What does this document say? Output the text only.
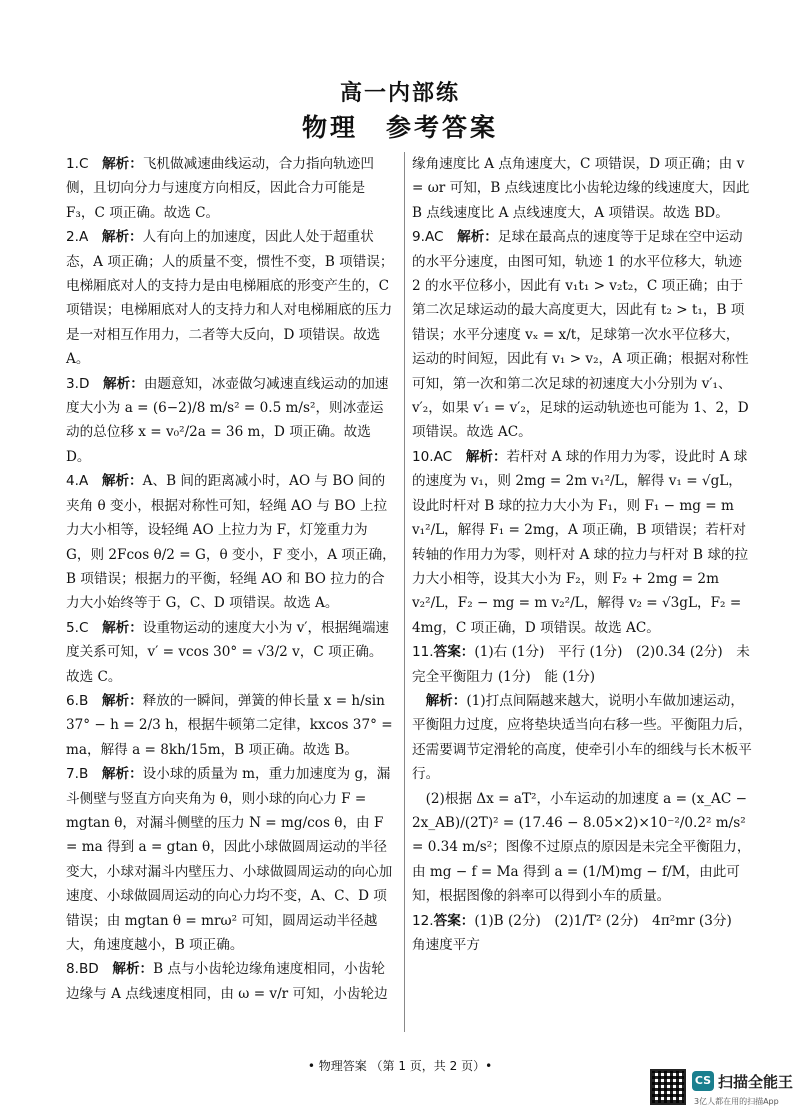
高一内部练
物理 参考答案

1.C　 解析：飞机做减速曲线运动，合力指向轨迹凹侧，且切向分力与速度方向相反，因此合力可能是 F₃，C 项正确。故选 C。

2.A　 解析：人有向上的加速度，因此人处于超重状态，A 项正确；人的质量不变，惯性不变，B 项错误；电梯厢底对人的支持力是由电梯厢底的形变产生的，C 项错误；电梯厢底对人的支持力和人对电梯厢底的压力是一对相互作用力，二者等大反向，D 项错误。故选 A。

3.D　 解析：由题意知，冰壶做匀减速直线运动的加速度大小为 a = (6−2)/8 m/s² = 0.5 m/s²，则冰壶运动的总位移 x = v₀²/2a = 36 m，D 项正确。故选 D。

4.A　 解析：A、B 间的距离减小时，AO 与 BO 间的夹角 θ 变小，根据对称性可知，轻绳 AO 与 BO 上拉力大小相等，设轻绳 AO 上拉力为 F，灯笼重力为 G，则 2Fcos θ/2 = G，θ 变小，F 变小，A 项正确，B 项错误；根据力的平衡，轻绳 AO 和 BO 拉力的合力大小始终等于 G，C、D 项错误。故选 A。

5.C　 解析：设重物运动的速度大小为 v′，根据绳端速度关系可知，v′ = vcos 30° = √3/2 v，C 项正确。故选 C。

6.B　 解析：释放的一瞬间，弹簧的伸长量 x = h/sin 37° − h = 2/3 h，根据牛顿第二定律，kxcos 37° = ma，解得 a = 8kh/15m，B 项正确。故选 B。

7.B　 解析：设小球的质量为 m，重力加速度为 g，漏斗侧壁与竖直方向夹角为 θ，则小球的向心力 F = mgtan θ，对漏斗侧壁的压力 N = mg/cos θ，由 F = ma 得到 a = gtan θ，因此小球做圆周运动的半径变大，小球对漏斗内壁压力、小球做圆周运动的向心加速度、小球做圆周运动的向心力均不变，A、C、D 项错误；由 mgtan θ = mrω² 可知，圆周运动半径越大，角速度越小，B 项正确。

8.BD　 解析：B 点与小齿轮边缘角速度相同，小齿轮边缘与 A 点线速度相同，由 ω = v/r 可知，小齿轮边

缘角速度比 A 点角速度大，C 项错误，D 项正确；由 v = ωr 可知，B 点线速度比小齿轮边缘的线速度大，因此 B 点线速度比 A 点线速度大，A 项错误。故选 BD。

9.AC　 解析：足球在最高点的速度等于足球在空中运动的水平分速度，由图可知，轨迹 1 的水平位移大，轨迹 2 的水平位移小，因此有 v₁t₁ > v₂t₂，C 项正确；由于第二次足球运动的最大高度更大，因此有 t₂ > t₁，B 项错误；水平分速度 vₓ = x/t，足球第一次水平位移大，运动的时间短，因此有 v₁ > v₂，A 项正确；根据对称性可知，第一次和第二次足球的初速度大小分别为 v′₁、v′₂，如果 v′₁ = v′₂，足球的运动轨迹也可能为 1、2，D 项错误。故选 AC。

10.AC　 解析：若杆对 A 球的作用力为零，设此时 A 球的速度为 v₁，则 2mg = 2m v₁²/L，解得 v₁ = √gL，设此时杆对 B 球的拉力大小为 F₁，则 F₁ − mg = m v₁²/L，解得 F₁ = 2mg，A 项正确，B 项错误；若杆对转轴的作用力为零，则杆对 A 球的拉力与杆对 B 球的拉力大小相等，设其大小为 F₂，则 F₂ + 2mg = 2m v₂²/L，F₂ − mg = m v₂²/L，解得 v₂ = √3gL，F₂ = 4mg，C 项正确，D 项错误。故选 AC。

11.答案：(1)右 (1分)　平行 (1分)　(2)0.34 (2分)　未完全平衡阻力 (1分)　能 (1分)

　解析：(1)打点间隔越来越大，说明小车做加速运动，平衡阻力过度，应将垫块适当向右移一些。平衡阻力后，还需要调节定滑轮的高度，使牵引小车的细线与长木板平行。

　(2)根据 Δx = aT²，小车运动的加速度 a = (x_AC − 2x_AB)/(2T)² = (17.46 − 8.05×2)×10⁻²/0.2² m/s² = 0.34 m/s²；图像不过原点的原因是未完全平衡阻力，由 mg − f = Ma 得到 a = (1/M)mg − f/M，由此可知，根据图像的斜率可以得到小车的质量。

12.答案：(1)B (2分)　(2)1/T² (2分)　4π²mr (3分)　角速度平方

• 物理答案 （第 1 页，共 2 页）•
CS 扫描全能王
3亿人都在用的扫描App
